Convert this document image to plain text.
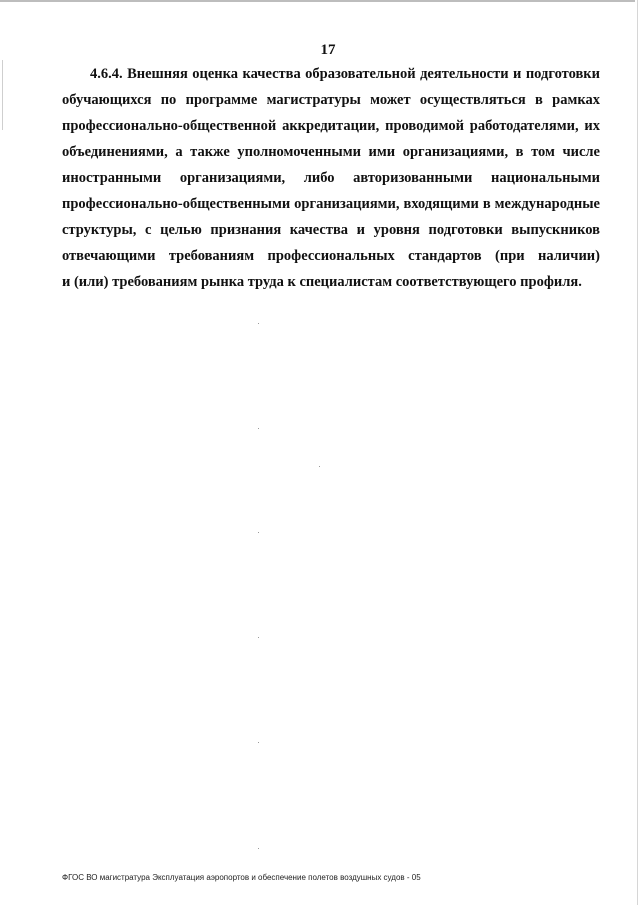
17
4.6.4. Внешняя оценка качества образовательной деятельности и подготовки
обучающихся по программе магистратуры может осуществляться в рамках
профессионально-общественной аккредитации, проводимой работодателями, их
объединениями, а также уполномоченными ими организациями, в том числе
иностранными организациями, либо авторизованными национальными
профессионально-общественными организациями, входящими в международные
структуры, с целью признания качества и уровня подготовки выпускников
отвечающими требованиям профессиональных стандартов (при наличии)
и (или) требованиям рынка труда к специалистам соответствующего профиля.
ФГОС ВО магистратура Эксплуатация аэропортов и обеспечение полетов воздушных судов - 05
